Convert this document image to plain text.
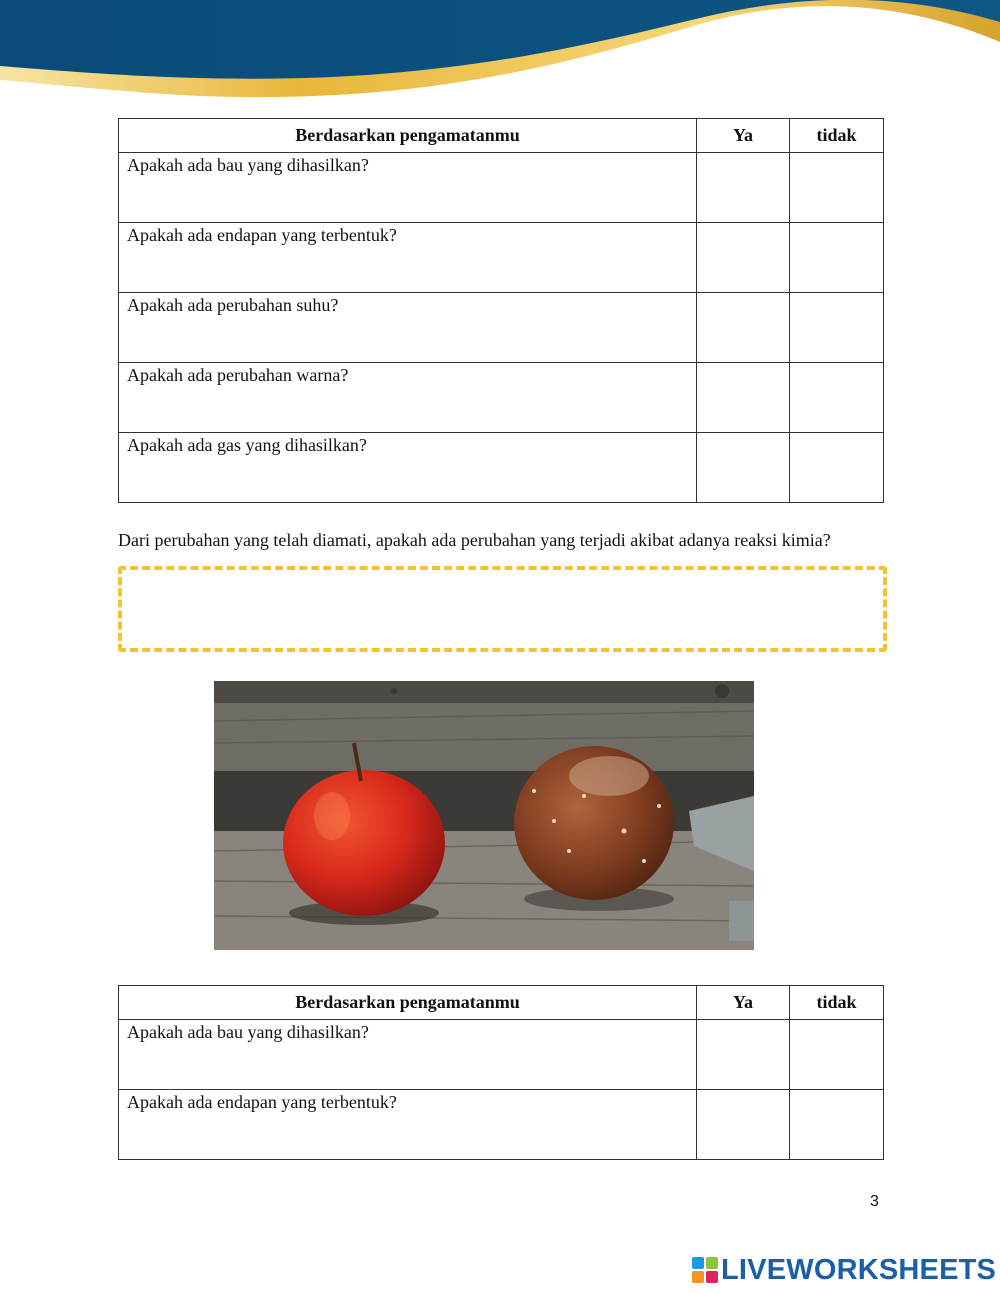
Berdasarkan pengamatanmu	Ya	tidak
Apakah ada bau yang dihasilkan?		
Apakah ada endapan yang terbentuk?		
Apakah ada perubahan suhu?		
Apakah ada perubahan warna?		
Apakah ada gas yang dihasilkan?		
Dari perubahan yang telah diamati, apakah ada perubahan yang terjadi akibat adanya reaksi kimia?
Berdasarkan pengamatanmu	Ya	tidak
Apakah ada bau yang dihasilkan?		
Apakah ada endapan yang terbentuk?		
3
LIVEWORKSHEETS
